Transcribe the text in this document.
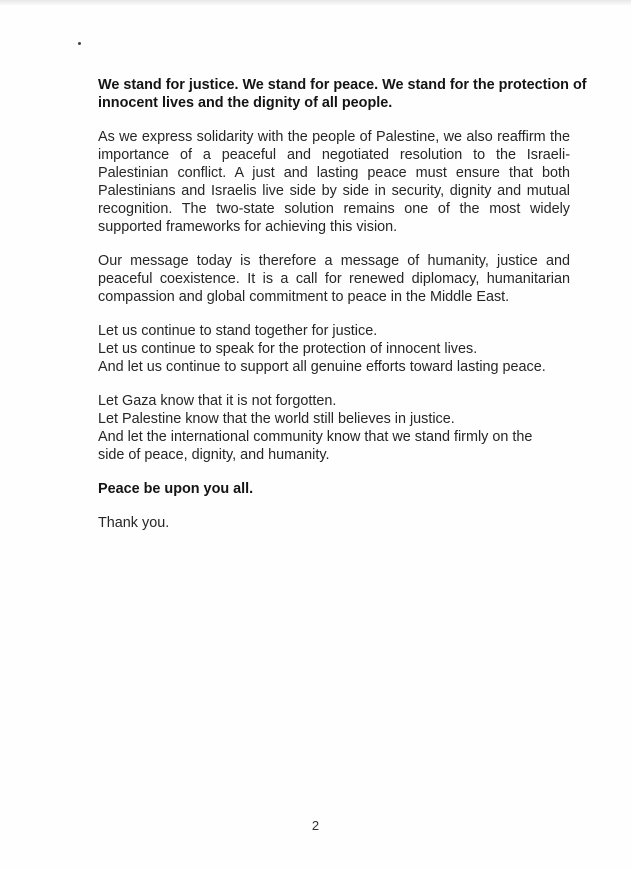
We stand for justice. We stand for peace. We stand for the protection of
innocent lives and the dignity of all people.

As we express solidarity with the people of Palestine, we also reaffirm the
importance of a peaceful and negotiated resolution to the Israeli-
Palestinian conflict. A just and lasting peace must ensure that both
Palestinians and Israelis live side by side in security, dignity and mutual
recognition. The two-state solution remains one of the most widely
supported frameworks for achieving this vision.

Our message today is therefore a message of humanity, justice and
peaceful coexistence. It is a call for renewed diplomacy, humanitarian
compassion and global commitment to peace in the Middle East.

Let us continue to stand together for justice.
Let us continue to speak for the protection of innocent lives.
And let us continue to support all genuine efforts toward lasting peace.

Let Gaza know that it is not forgotten.
Let Palestine know that the world still believes in justice.
And let the international community know that we stand firmly on the
side of peace, dignity, and humanity.

Peace be upon you all.

Thank you.

2
